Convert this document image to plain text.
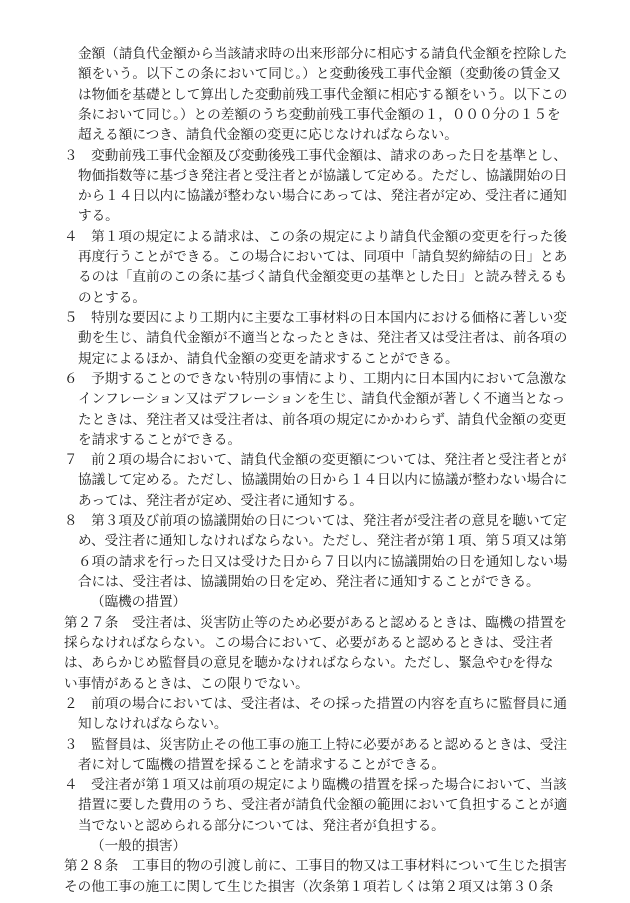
金額（請負代金額から当該請求時の出来形部分に相応する請負代金額を控除した
額をいう。以下この条において同じ。）と変動後残工事代金額（変動後の賃金又
は物価を基礎として算出した変動前残工事代金額に相応する額をいう。以下この
条において同じ。）との差額のうち変動前残工事代金額の１，０００分の１５を
超える額につき、請負代金額の変更に応じなければならない。
３　変動前残工事代金額及び変動後残工事代金額は、請求のあった日を基準とし、
物価指数等に基づき発注者と受注者とが協議して定める。ただし、協議開始の日
から１４日以内に協議が整わない場合にあっては、発注者が定め、受注者に通知
する。
４　第１項の規定による請求は、この条の規定により請負代金額の変更を行った後
再度行うことができる。この場合においては、同項中「請負契約締結の日」とあ
るのは「直前のこの条に基づく請負代金額変更の基準とした日」と読み替えるも
のとする。
５　特別な要因により工期内に主要な工事材料の日本国内における価格に著しい変
動を生じ、請負代金額が不適当となったときは、発注者又は受注者は、前各項の
規定によるほか、請負代金額の変更を請求することができる。
６　予期することのできない特別の事情により、工期内に日本国内において急激な
インフレーション又はデフレーションを生じ、請負代金額が著しく不適当となっ
たときは、発注者又は受注者は、前各項の規定にかかわらず、請負代金額の変更
を請求することができる。
７　前２項の場合において、請負代金額の変更額については、発注者と受注者とが
協議して定める。ただし、協議開始の日から１４日以内に協議が整わない場合に
あっては、発注者が定め、受注者に通知する。
８　第３項及び前項の協議開始の日については、発注者が受注者の意見を聴いて定
め、受注者に通知しなければならない。ただし、発注者が第１項、第５項又は第
６項の請求を行った日又は受けた日から７日以内に協議開始の日を通知しない場
合には、受注者は、協議開始の日を定め、発注者に通知することができる。
（臨機の措置）
第２７条　受注者は、災害防止等のため必要があると認めるときは、臨機の措置を
採らなければならない。この場合において、必要があると認めるときは、受注者
は、あらかじめ監督員の意見を聴かなければならない。ただし、緊急やむを得な
い事情があるときは、この限りでない。
２　前項の場合においては、受注者は、その採った措置の内容を直ちに監督員に通
知しなければならない。
３　監督員は、災害防止その他工事の施工上特に必要があると認めるときは、受注
者に対して臨機の措置を採ることを請求することができる。
４　受注者が第１項又は前項の規定により臨機の措置を採った場合において、当該
措置に要した費用のうち、受注者が請負代金額の範囲において負担することが適
当でないと認められる部分については、発注者が負担する。
（一般的損害）
第２８条　工事目的物の引渡し前に、工事目的物又は工事材料について生じた損害
その他工事の施工に関して生じた損害（次条第１項若しくは第２項又は第３０条
